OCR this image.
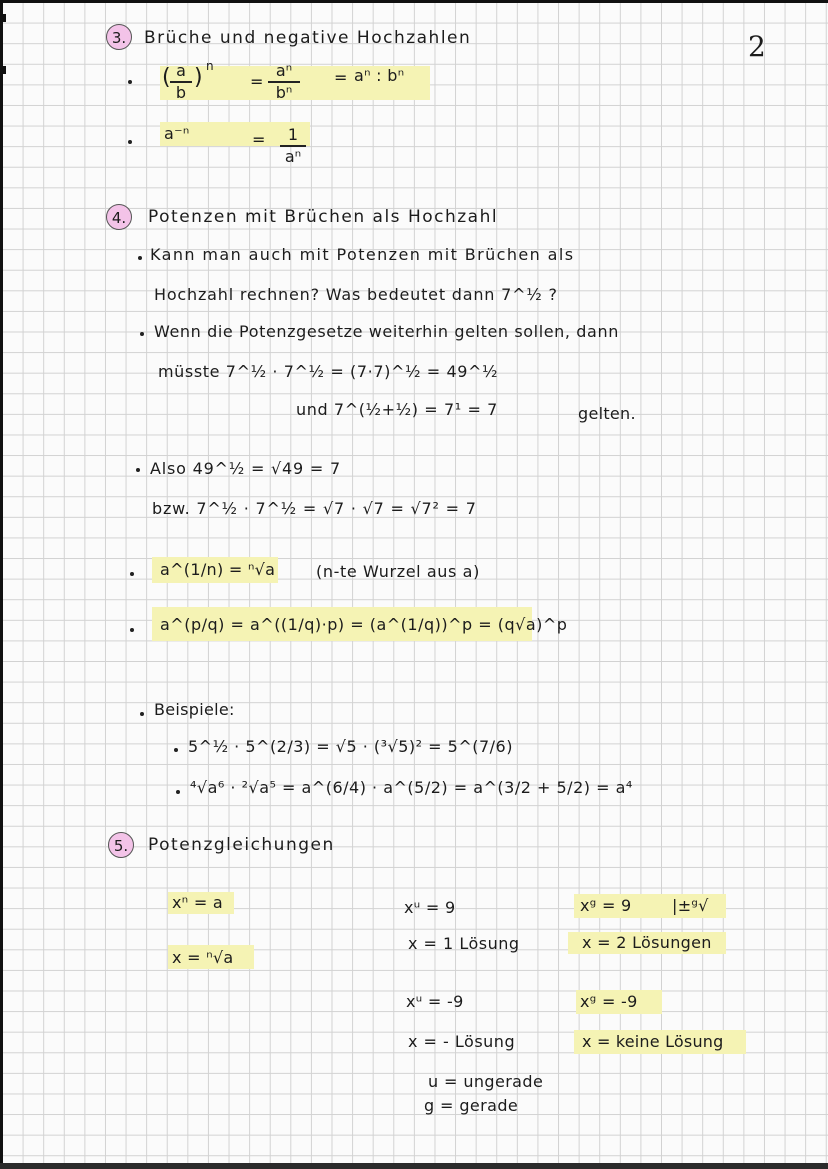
2
3.	Brüche und negative Hochzahlen
a
b
( ) n
=
aⁿ
bⁿ
= aⁿ : bⁿ
a⁻ⁿ	=	1
aⁿ
4.	Potenzen mit Brüchen als Hochzahl
Kann man auch mit Potenzen mit Brüchen als
Hochzahl rechnen? Was bedeutet dann 7^½ ?
Wenn die Potenzgesetze weiterhin gelten sollen, dann
müsste 7^½ · 7^½ = (7·7)^½ = 49^½
und 7^(½+½) = 7¹ = 7	gelten.
Also 49^½ = √49 = 7
bzw. 7^½ · 7^½ = √7 · √7 = √7² = 7
a^(1/n) = ⁿ√a	(n-te Wurzel aus a)
a^(p/q) = a^((1/q)·p) = (a^(1/q))^p = (q√a)^p
Beispiele:
5^½ · 5^(2/3) = √5 · (³√5)² = 5^(7/6)
⁴√a⁶ · ²√a⁵ = a^(6/4) · a^(5/2) = a^(3/2 + 5/2) = a⁴
5.	Potenzgleichungen
xⁿ = a
x = ⁿ√a
xᵘ = 9
x = 1 Lösung
xᵘ = -9
x = - Lösung
xᵍ = 9	|±ᵍ√
x = 2 Lösungen
xᵍ = -9
x = keine Lösung
u = ungerade
g = gerade
